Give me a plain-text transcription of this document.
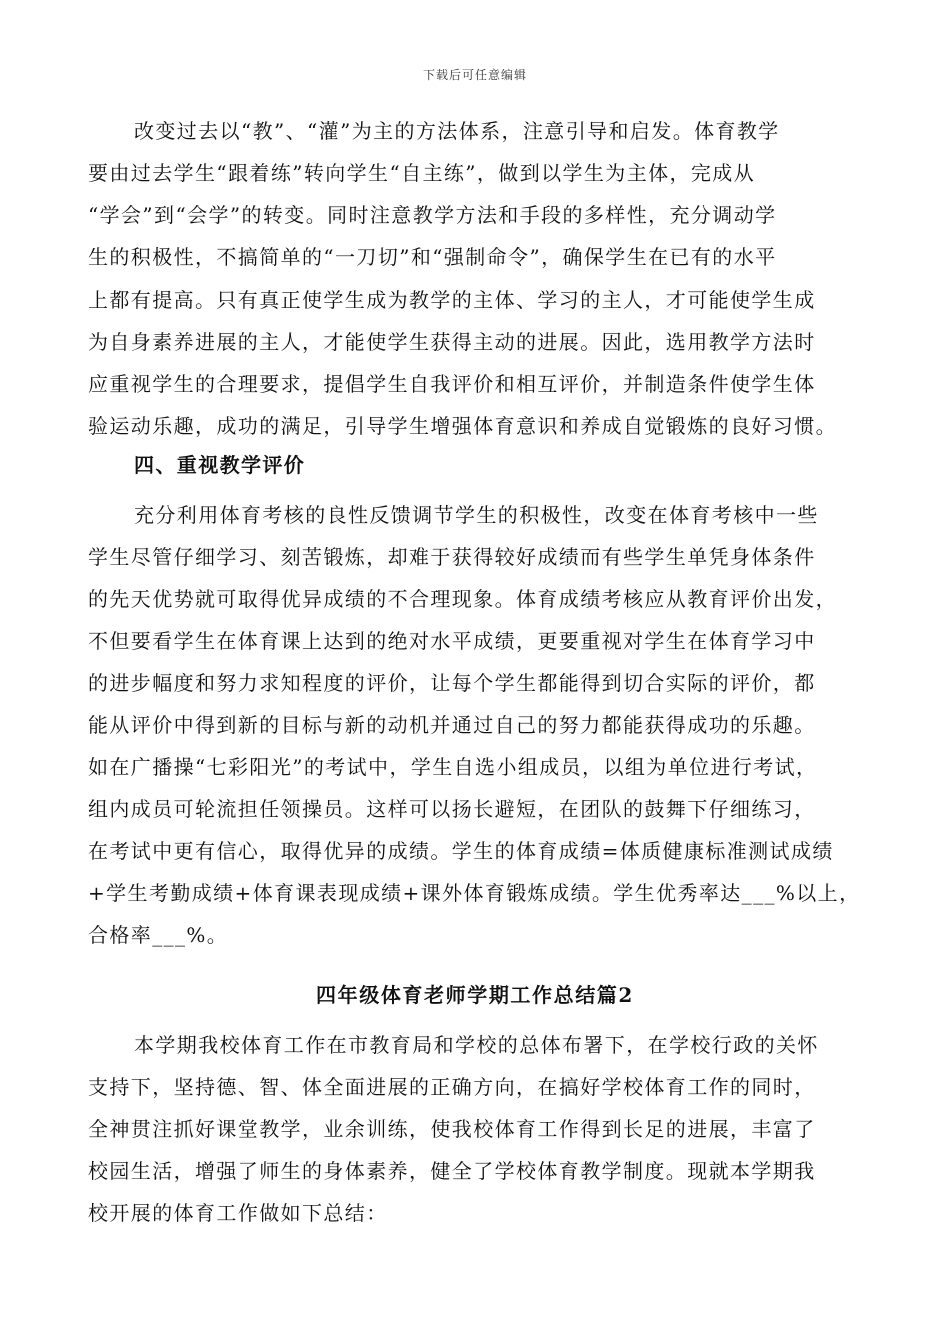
下载后可任意编辑
改变过去以“教”、“灌”为主的方法体系，注意引导和启发。体育教学
要由过去学生“跟着练”转向学生“自主练”，做到以学生为主体，完成从
“学会”到“会学”的转变。同时注意教学方法和手段的多样性，充分调动学
生的积极性，不搞简单的“一刀切”和“强制命令”，确保学生在已有的水平
上都有提高。只有真正使学生成为教学的主体、学习的主人，才可能使学生成
为自身素养进展的主人，才能使学生获得主动的进展。因此，选用教学方法时
应重视学生的合理要求，提倡学生自我评价和相互评价，并制造条件使学生体
验运动乐趣，成功的满足，引导学生增强体育意识和养成自觉锻炼的良好习惯。
四、重视教学评价
充分利用体育考核的良性反馈调节学生的积极性，改变在体育考核中一些
学生尽管仔细学习、刻苦锻炼，却难于获得较好成绩而有些学生单凭身体条件
的先天优势就可取得优异成绩的不合理现象。体育成绩考核应从教育评价出发，
不但要看学生在体育课上达到的绝对水平成绩，更要重视对学生在体育学习中
的进步幅度和努力求知程度的评价，让每个学生都能得到切合实际的评价，都
能从评价中得到新的目标与新的动机并通过自己的努力都能获得成功的乐趣。
如在广播操“七彩阳光”的考试中，学生自选小组成员，以组为单位进行考试，
组内成员可轮流担任领操员。这样可以扬长避短，在团队的鼓舞下仔细练习，
在考试中更有信心，取得优异的成绩。学生的体育成绩=体质健康标准测试成绩
+学生考勤成绩+体育课表现成绩+课外体育锻炼成绩。学生优秀率达___%以上，
合格率___%。
四年级体育老师学期工作总结篇2
本学期我校体育工作在市教育局和学校的总体布署下，在学校行政的关怀
支持下，坚持德、智、体全面进展的正确方向，在搞好学校体育工作的同时，
全神贯注抓好课堂教学，业余训练，使我校体育工作得到长足的进展，丰富了
校园生活，增强了师生的身体素养，健全了学校体育教学制度。现就本学期我
校开展的体育工作做如下总结：
